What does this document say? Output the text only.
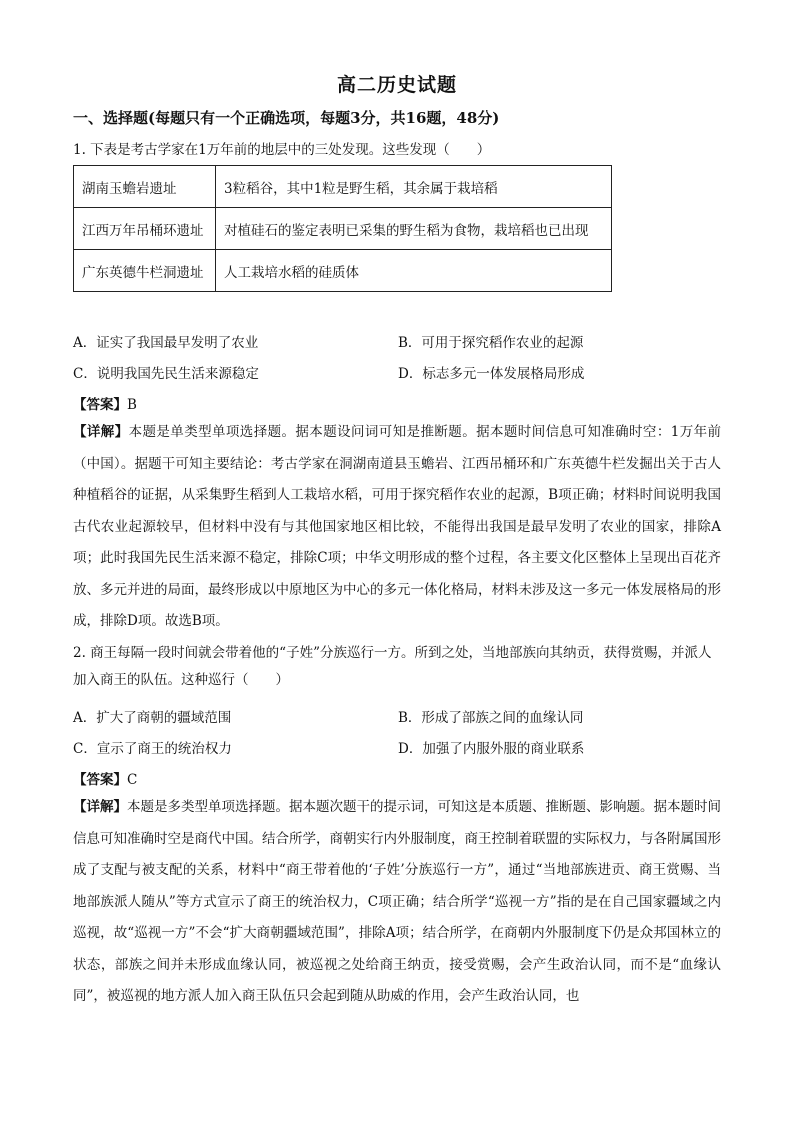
高二历史试题
一、选择题(每题只有一个正确选项，每题3分，共16题，48分)
1. 下表是考古学家在1万年前的地层中的三处发现。这些发现（　　）
湖南玉蟾岩遗址	3粒稻谷，其中1粒是野生稻，其余属于栽培稻
江西万年吊桶环遗址	对植硅石的鉴定表明已采集的野生稻为食物，栽培稻也已出现
广东英德牛栏洞遗址	人工栽培水稻的硅质体
A．证实了我国最早发明了农业	B．可用于探究稻作农业的起源
C．说明我国先民生活来源稳定	D．标志多元一体发展格局形成
【答案】B
【详解】本题是单类型单项选择题。据本题设问词可知是推断题。据本题时间信息可知准确时空：1万年前（中国）。据题干可知主要结论：考古学家在洞湖南道县玉蟾岩、江西吊桶环和广东英德牛栏发掘出关于古人种植稻谷的证据，从采集野生稻到人工栽培水稻，可用于探究稻作农业的起源，B项正确；材料时间说明我国古代农业起源较早，但材料中没有与其他国家地区相比较，不能得出我国是最早发明了农业的国家，排除A项；此时我国先民生活来源不稳定，排除C项；中华文明形成的整个过程，各主要文化区整体上呈现出百花齐放、多元并进的局面，最终形成以中原地区为中心的多元一体化格局，材料未涉及这一多元一体发展格局的形成，排除D项。故选B项。
2. 商王每隔一段时间就会带着他的“子姓”分族巡行一方。所到之处，当地部族向其纳贡，获得赏赐，并派人加入商王的队伍。这种巡行（　　）
A．扩大了商朝的疆域范围	B．形成了部族之间的血缘认同
C．宣示了商王的统治权力	D．加强了内服外服的商业联系
【答案】C
【详解】本题是多类型单项选择题。据本题次题干的提示词，可知这是本质题、推断题、影响题。据本题时间信息可知准确时空是商代中国。结合所学，商朝实行内外服制度，商王控制着联盟的实际权力，与各附属国形成了支配与被支配的关系，材料中“商王带着他的‘子姓’分族巡行一方”，通过“当地部族进贡、商王赏赐、当地部族派人随从”等方式宣示了商王的统治权力，C项正确；结合所学“巡视一方”指的是在自己国家疆域之内巡视，故“巡视一方”不会“扩大商朝疆域范围”，排除A项；结合所学，在商朝内外服制度下仍是众邦国林立的状态，部族之间并未形成血缘认同，被巡视之处给商王纳贡，接受赏赐，会产生政治认同，而不是“血缘认同”，被巡视的地方派人加入商王队伍只会起到随从助威的作用，会产生政治认同，也
